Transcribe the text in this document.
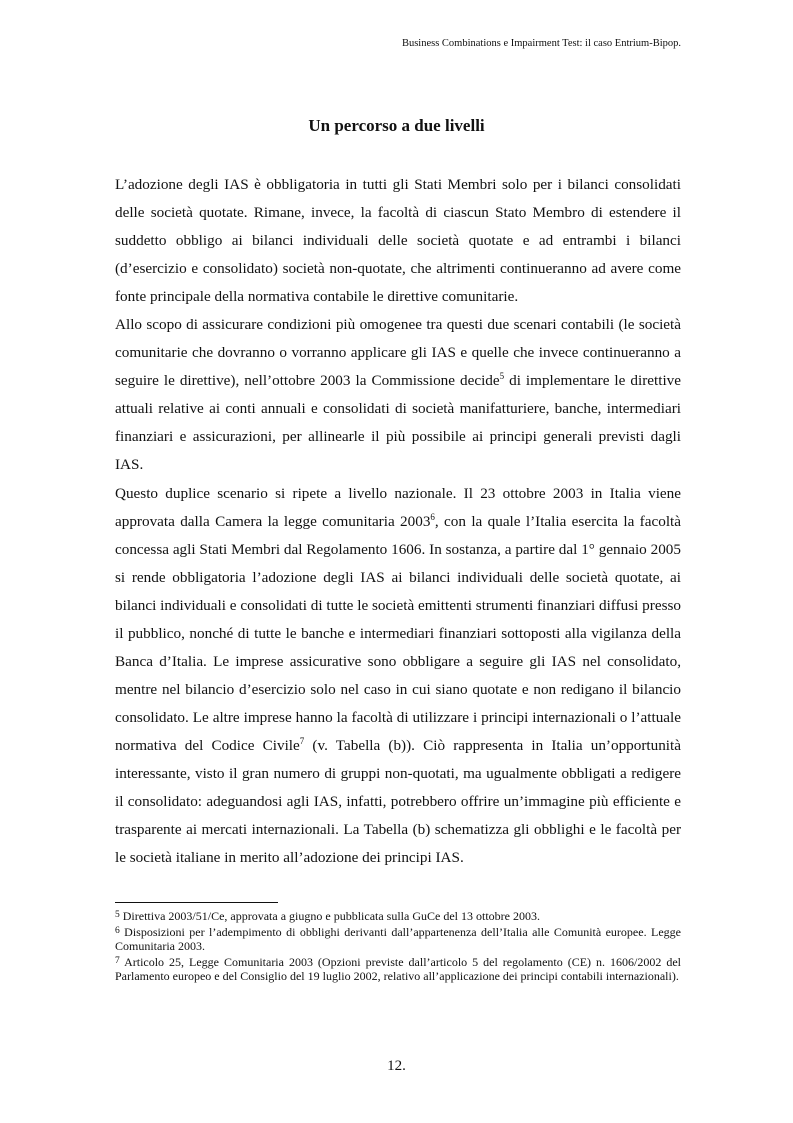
Business Combinations e Impairment Test: il caso Entrium-Bipop.
Un percorso a due livelli

L’adozione degli IAS è obbligatoria in tutti gli Stati Membri solo per i bilanci consolidati delle società quotate. Rimane, invece, la facoltà di ciascun Stato Membro di estendere il suddetto obbligo ai bilanci individuali delle società quotate e ad entrambi i bilanci (d’esercizio e consolidato) società non-quotate, che altrimenti continueranno ad avere come fonte principale della normativa contabile le direttive comunitarie.

Allo scopo di assicurare condizioni più omogenee tra questi due scenari contabili (le società comunitarie che dovranno o vorranno applicare gli IAS e quelle che invece continueranno a seguire le direttive), nell’ottobre 2003 la Commissione decide$^5$ di implementare le direttive attuali relative ai conti annuali e consolidati di società manifatturiere, banche, intermediari finanziari e assicurazioni, per allinearle il più possibile ai principi generali previsti dagli IAS.

Questo duplice scenario si ripete a livello nazionale. Il 23 ottobre 2003 in Italia viene approvata dalla Camera la legge comunitaria 2003$^6$, con la quale l’Italia esercita la facoltà concessa agli Stati Membri dal Regolamento 1606. In sostanza, a partire dal 1° gennaio 2005 si rende obbligatoria l’adozione degli IAS ai bilanci individuali delle società quotate, ai bilanci individuali e consolidati di tutte le società emittenti strumenti finanziari diffusi presso il pubblico, nonché di tutte le banche e intermediari finanziari sottoposti alla vigilanza della Banca d’Italia. Le imprese assicurative sono obbligare a seguire gli IAS nel consolidato, mentre nel bilancio d’esercizio solo nel caso in cui siano quotate e non redigano il bilancio consolidato. Le altre imprese hanno la facoltà di utilizzare i principi internazionali o l’attuale normativa del Codice Civile$^7$ (v. Tabella (b)). Ciò rappresenta in Italia un’opportunità interessante, visto il gran numero di gruppi non-quotati, ma ugualmente obbligati a redigere il consolidato: adeguandosi agli IAS, infatti, potrebbero offrire un’immagine più efficiente e trasparente ai mercati internazionali. La Tabella (b) schematizza gli obblighi e le facoltà per le società italiane in merito all’adozione dei principi IAS.

$^5$ Direttiva 2003/51/Ce, approvata a giugno e pubblicata sulla GuCe del 13 ottobre 2003.

$^6$ Disposizioni per l’adempimento di obblighi derivanti dall’appartenenza dell’Italia alle Comunità europee. Legge Comunitaria 2003.

$^7$ Articolo 25, Legge Comunitaria 2003 (Opzioni previste dall’articolo 5 del regolamento (CE) n. 1606/2002 del Parlamento europeo e del Consiglio del 19 luglio 2002, relativo all’applicazione dei principi contabili internazionali).

12.
